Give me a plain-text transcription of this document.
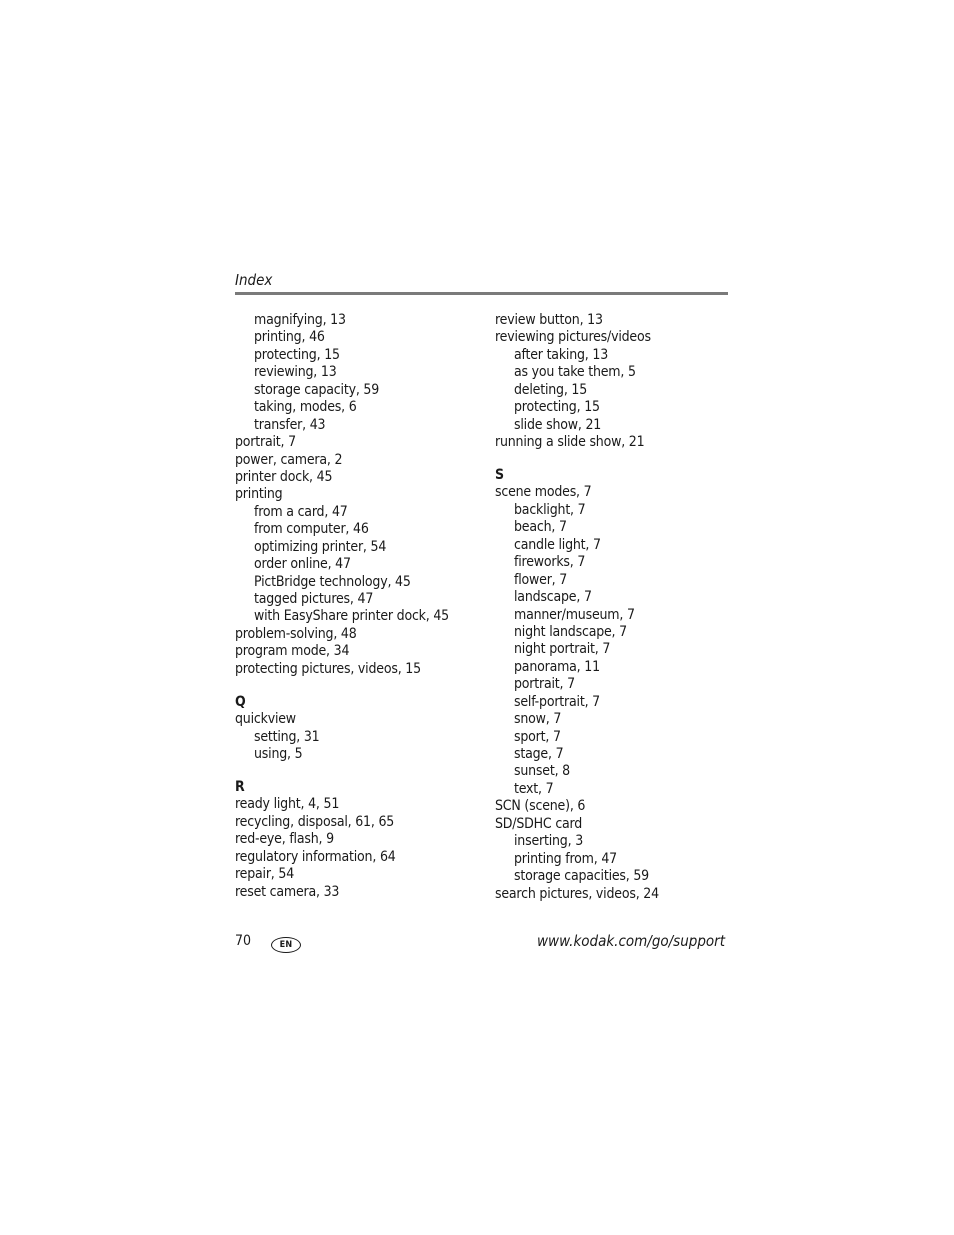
Index
magnifying, 13
printing, 46
protecting, 15
reviewing, 13
storage capacity, 59
taking, modes, 6
transfer, 43
portrait, 7
power, camera, 2
printer dock, 45
printing
from a card, 47
from computer, 46
optimizing printer, 54
order online, 47
PictBridge technology, 45
tagged pictures, 47
with EasyShare printer dock, 45
problem-solving, 48
program mode, 34
protecting pictures, videos, 15
Q
quickview
setting, 31
using, 5
R
ready light, 4, 51
recycling, disposal, 61, 65
red-eye, flash, 9
regulatory information, 64
repair, 54
reset camera, 33
review button, 13
reviewing pictures/videos
after taking, 13
as you take them, 5
deleting, 15
protecting, 15
slide show, 21
running a slide show, 21
S
scene modes, 7
backlight, 7
beach, 7
candle light, 7
fireworks, 7
flower, 7
landscape, 7
manner/museum, 7
night landscape, 7
night portrait, 7
panorama, 11
portrait, 7
self-portrait, 7
snow, 7
sport, 7
stage, 7
sunset, 8
text, 7
SCN (scene), 6
SD/SDHC card
inserting, 3
printing from, 47
storage capacities, 59
search pictures, videos, 24
70	EN	www.kodak.com/go/support
